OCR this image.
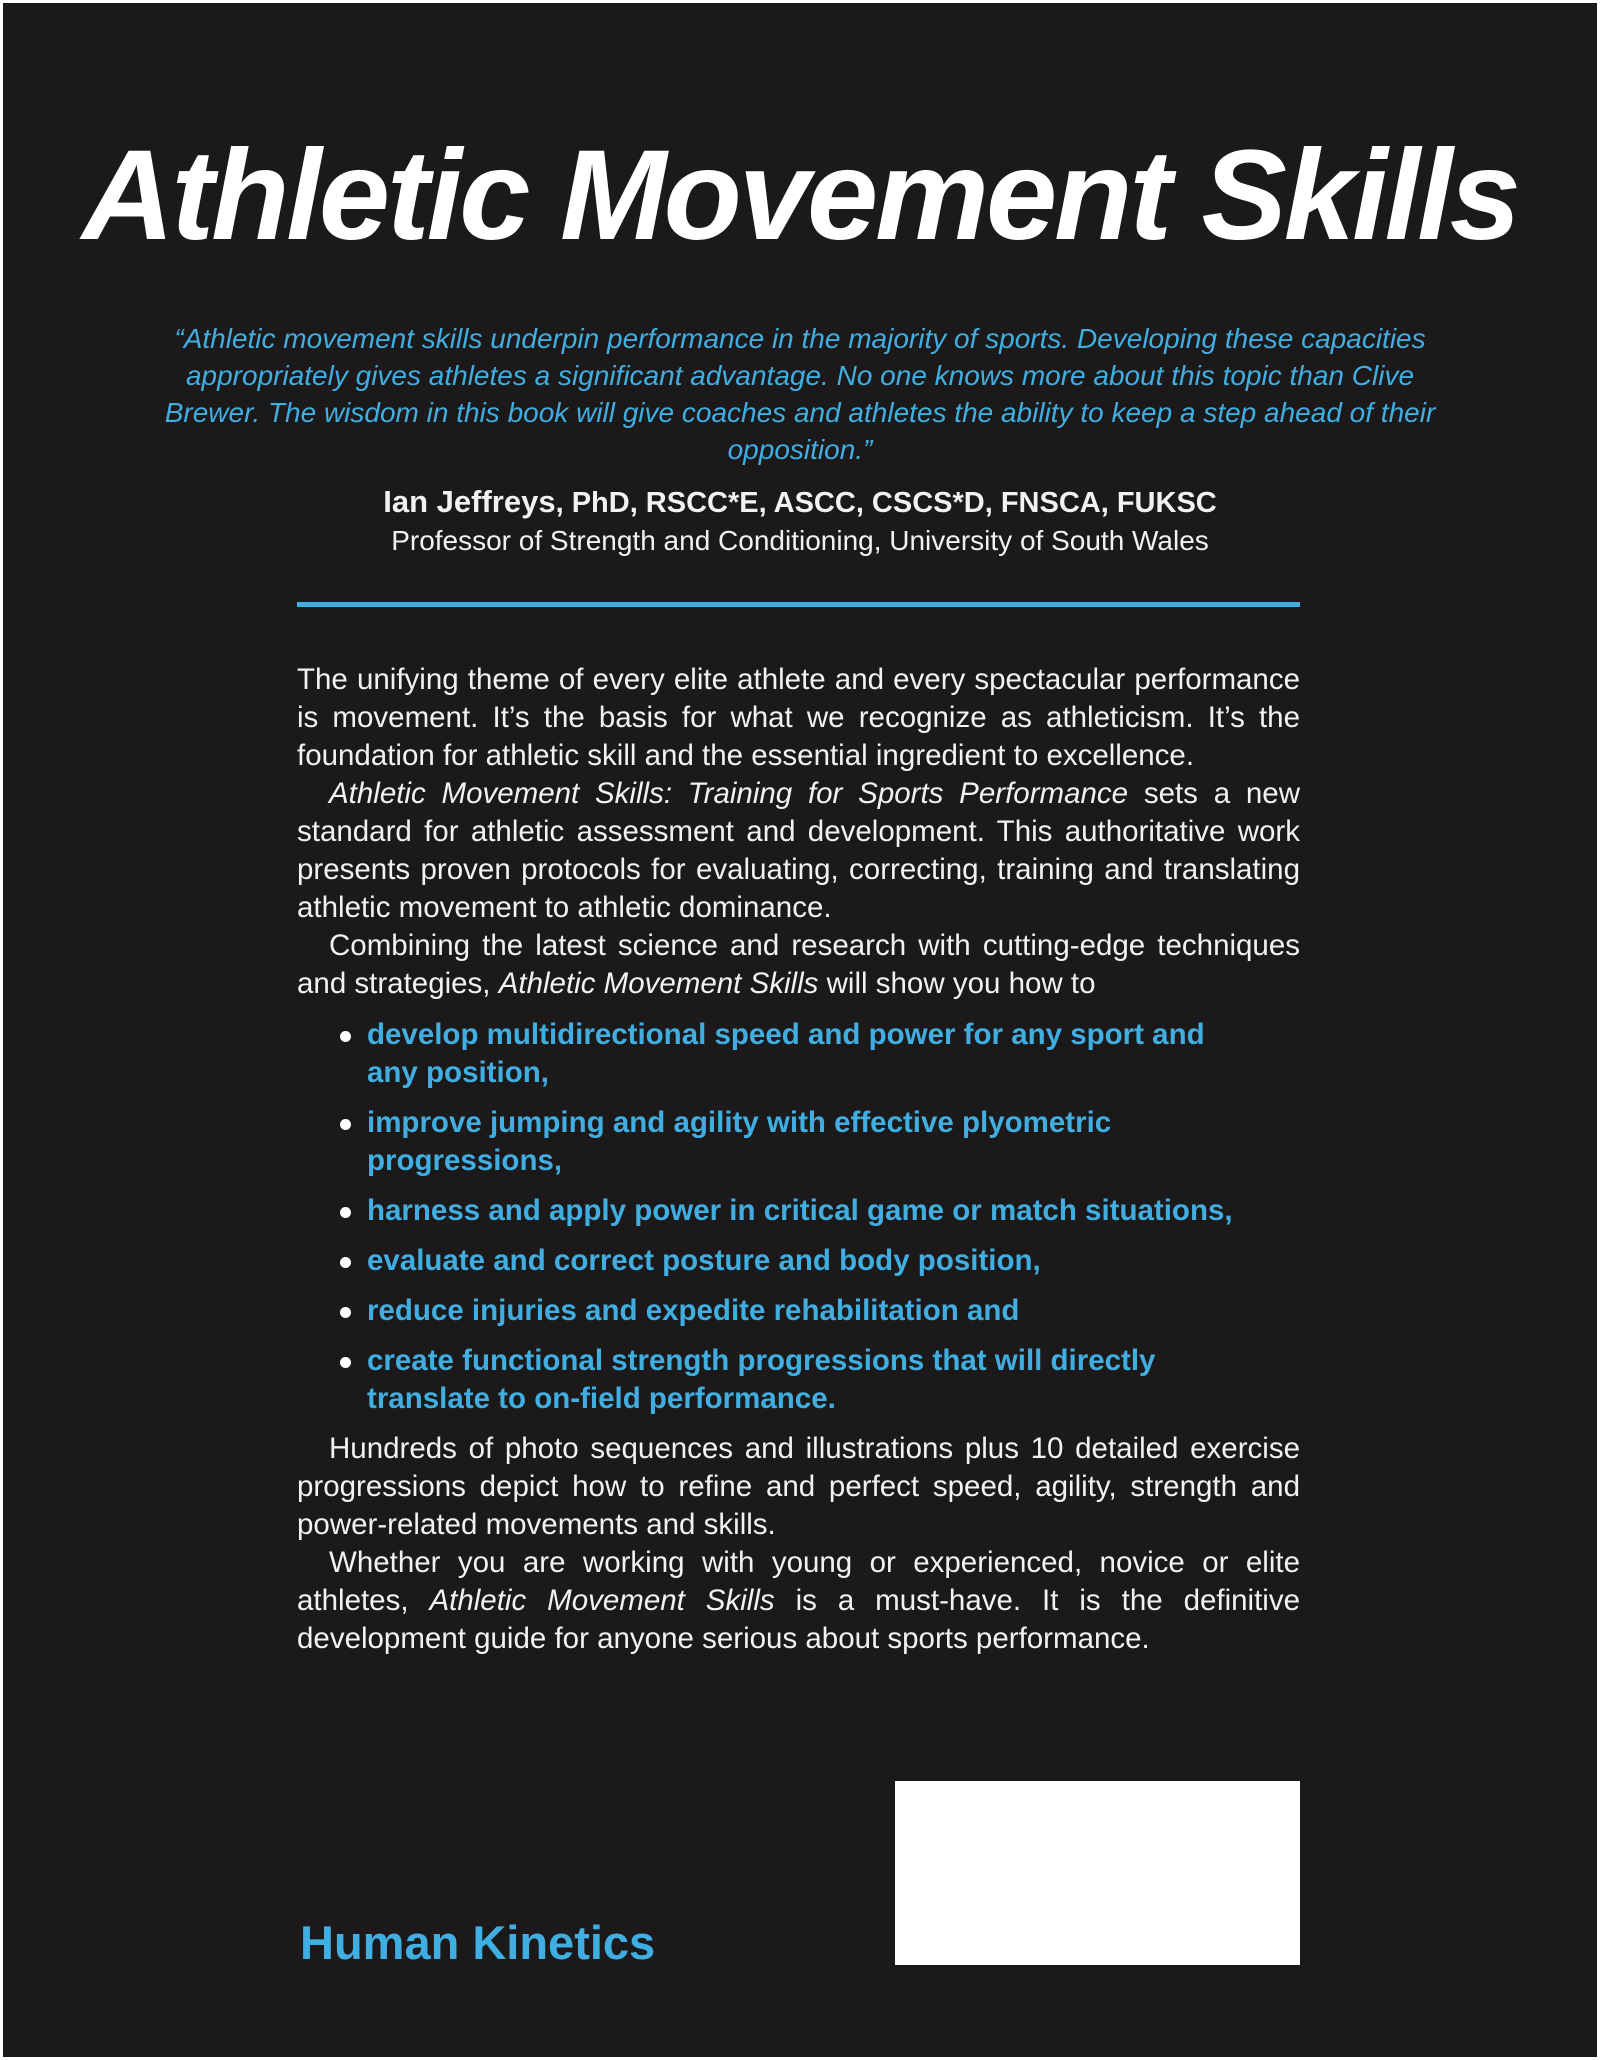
Athletic Movement Skills

“Athletic movement skills underpin performance in the majority of sports. Developing these capacities appropriately gives athletes a significant advantage. No one knows more about this topic than Clive Brewer. The wisdom in this book will give coaches and athletes the ability to keep a step ahead of their opposition.”

Ian Jeffreys, PhD, RSCC*E, ASCC, CSCS*D, FNSCA, FUKSC
Professor of Strength and Conditioning, University of South Wales

The unifying theme of every elite athlete and every spectacular performance is movement. It’s the basis for what we recognize as athleticism. It’s the foundation for athletic skill and the essential ingredient to excellence.

Athletic Movement Skills: Training for Sports Performance sets a new standard for athletic assessment and development. This authoritative work presents proven protocols for evaluating, correcting, training and translating athletic movement to athletic dominance.

Combining the latest science and research with cutting-edge techniques and strategies, Athletic Movement Skills will show you how to

develop multidirectional speed and power for any sport and any position,
improve jumping and agility with effective plyometric progressions,
harness and apply power in critical game or match situations,
evaluate and correct posture and body position,
reduce injuries and expedite rehabilitation and
create functional strength progressions that will directly translate to on-field performance.

Hundreds of photo sequences and illustrations plus 10 detailed exercise progressions depict how to refine and perfect speed, agility, strength and power-related movements and skills.

Whether you are working with young or experienced, novice or elite athletes, Athletic Movement Skills is a must-have. It is the definitive development guide for anyone serious about sports performance.

Human Kinetics
